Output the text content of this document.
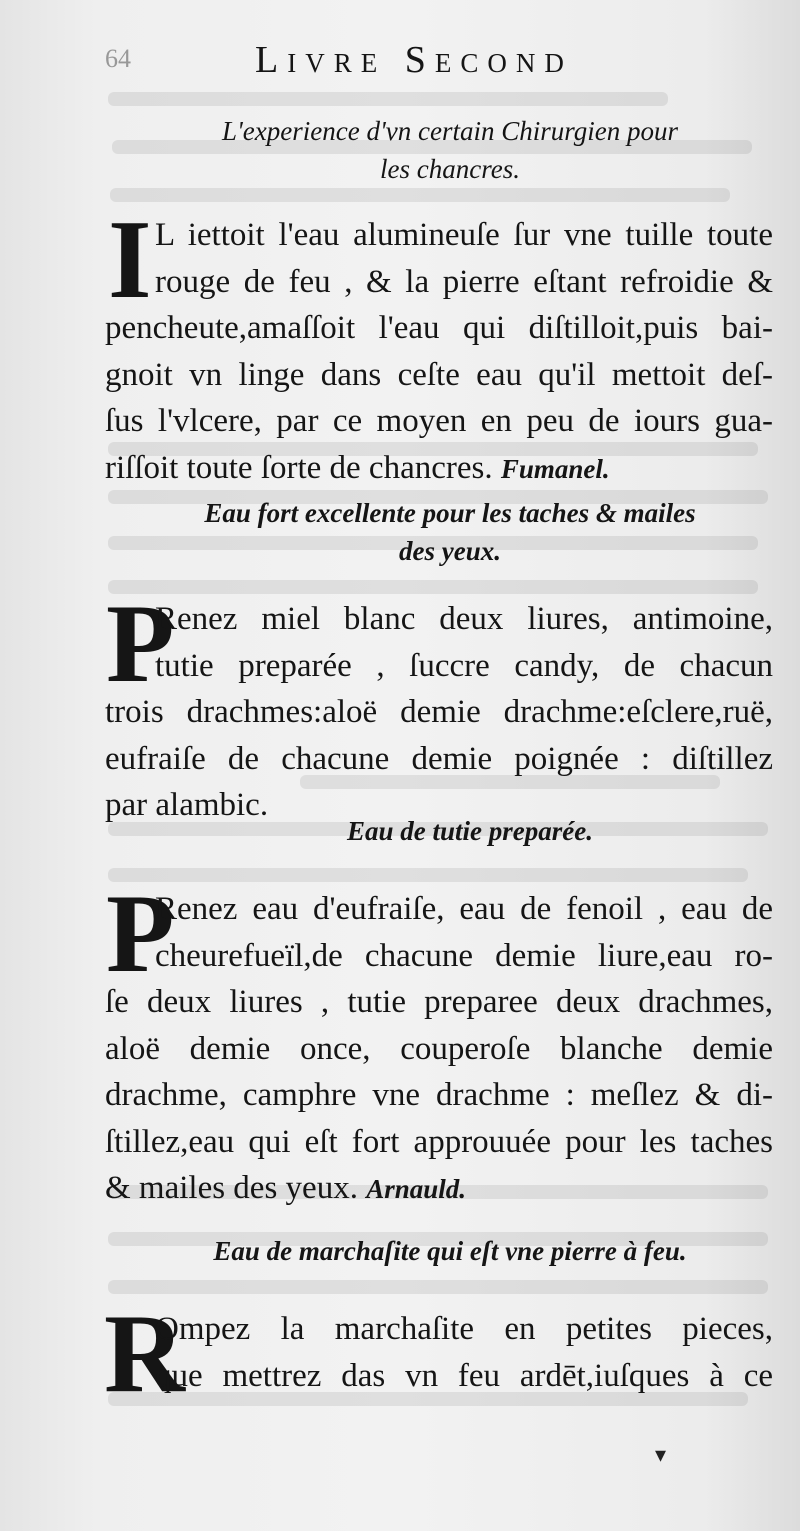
64	Livre Second
L'experience d'vn certain Chirurgien pour
les chancres.
I L iettoit l'eau alumineuſe ſur vne tuille toute
rouge de feu , & la pierre eſtant refroidie &
pencheute,amaſſoit l'eau qui diſtilloit,puis bai-
gnoit vn linge dans ceſte eau qu'il mettoit deſ-
ſus l'vlcere, par ce moyen en peu de iours gua-
riſſoit toute ſorte de chancres. Fumanel.
Eau fort excellente pour les taches & mailes
des yeux.
P
Renez miel blanc deux liures, antimoine,
tutie preparée , ſuccre candy, de chacun
trois drachmes:aloë demie drachme:eſclere,ruë,
eufraiſe de chacune demie poignée : diſtillez
par alambic.
Eau de tutie preparée.
P
Renez eau d'eufraiſe, eau de fenoil , eau de
cheurefueïl,de chacune demie liure,eau ro-
ſe deux liures , tutie preparee deux drachmes,
aloë demie once, couperoſe blanche demie
drachme, camphre vne drachme : meſlez & di-
ſtillez,eau qui eſt fort approuuée pour les taches
& mailes des yeux. Arnauld.
Eau de marchaſite qui eſt vne pierre à feu.
R
Ompez la marchaſite en petites pieces,
que mettrez das vn feu ardēt,iuſques à ce
▾
